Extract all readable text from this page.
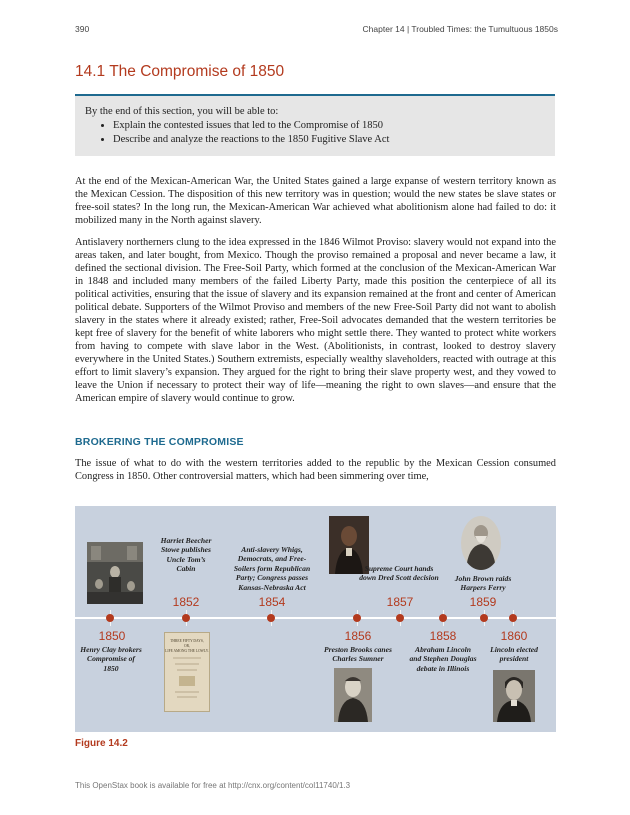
390	Chapter 14 | Troubled Times: the Tumultuous 1850s
14.1 The Compromise of 1850
By the end of this section, you will be able to:
• Explain the contested issues that led to the Compromise of 1850
• Describe and analyze the reactions to the 1850 Fugitive Slave Act

At the end of the Mexican-American War, the United States gained a large expanse of western territory known as the Mexican Cession. The disposition of this new territory was in question; would the new states be slave states or free-soil states? In the long run, the Mexican-American War achieved what abolitionism alone had failed to do: it mobilized many in the North against slavery.

Antislavery northerners clung to the idea expressed in the 1846 Wilmot Proviso: slavery would not expand into the areas taken, and later bought, from Mexico. Though the proviso remained a proposal and never became a law, it defined the sectional division. The Free-Soil Party, which formed at the conclusion of the Mexican-American War in 1848 and included many members of the failed Liberty Party, made this position the centerpiece of all its political activities, ensuring that the issue of slavery and its expansion remained at the front and center of American political debate. Supporters of the Wilmot Proviso and members of the new Free-Soil Party did not want to abolish slavery in the states where it already existed; rather, Free-Soil advocates demanded that the western territories be kept free of slavery for the benefit of white laborers who might settle there. They wanted to protect white workers from having to compete with slave labor in the West. (Abolitionists, in contrast, looked to destroy slavery everywhere in the United States.) Southern extremists, especially wealthy slaveholders, reacted with outrage at this effort to limit slavery’s expansion. They argued for the right to bring their slave property west, and they vowed to leave the Union if necessary to protect their way of life—meaning the right to own slaves—and ensure that the American empire of slavery would continue to grow.

BROKERING THE COMPROMISE

The issue of what to do with the western territories added to the republic by the Mexican Cession consumed Congress in 1850. Other controversial matters, which had been simmering over time,

1850
Henry Clay brokers Compromise of 1850
Harriet Beecher Stowe publishes Uncle Tom’s Cabin
1852
THREE FIFTY DAYS,
OR,
LIFE AMONG THE LOWLY.
Anti-slavery Whigs, Democrats, and Free-Soilers form Republican Party; Congress passes Kansas-Nebraska Act
1854
1856
Preston Brooks canes Charles Sumner
Supreme Court hands down Dred Scott decision
1857
1858
Abraham Lincoln and Stephen Douglas debate in Illinois
John Brown raids Harpers Ferry
1859
1860
Lincoln elected president
Figure 14.2
This OpenStax book is available for free at http://cnx.org/content/col11740/1.3
